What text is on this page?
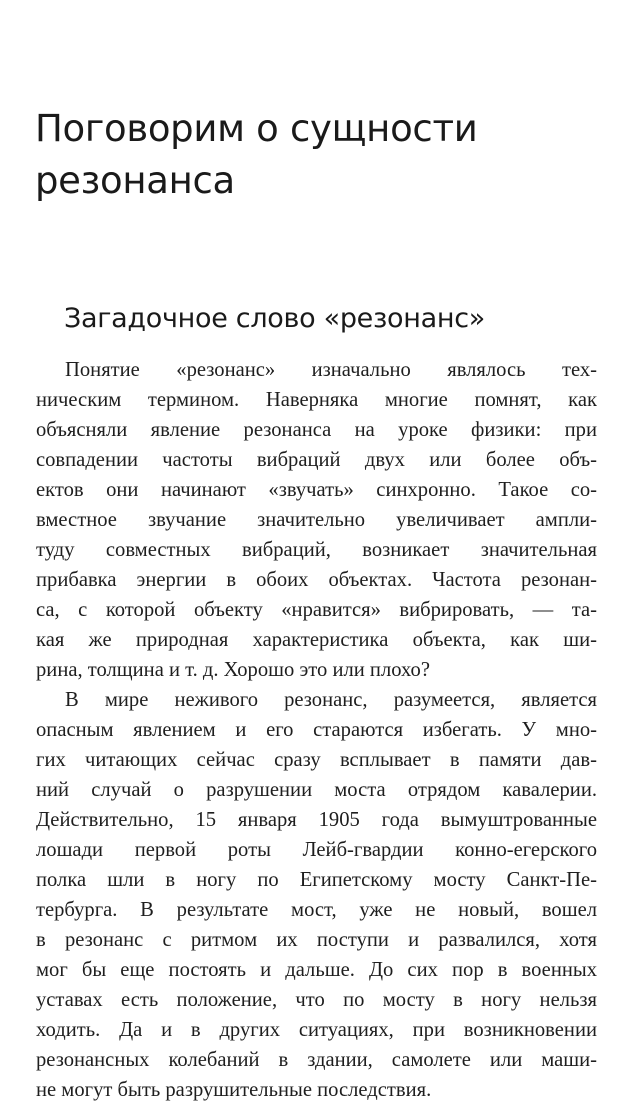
Поговорим о сущности
резонанса
Загадочное слово «резонанс»
Понятие «резонанс» изначально являлось тех-
ническим термином. Наверняка многие помнят, как
объясняли явление резонанса на уроке физики: при
совпадении частоты вибраций двух или более объ-
ектов они начинают «звучать» синхронно. Такое со-
вместное звучание значительно увеличивает ампли-
туду совместных вибраций, возникает значительная
прибавка энергии в обоих объектах. Частота резонан-
са, с которой объекту «нравится» вибрировать, — та-
кая же природная характеристика объекта, как ши-
рина, толщина и т. д. Хорошо это или плохо?
В мире неживого резонанс, разумеется, является
опасным явлением и его стараются избегать. У мно-
гих читающих сейчас сразу всплывает в памяти дав-
ний случай о разрушении моста отрядом кавалерии.
Действительно, 15 января 1905 года вымуштрованные
лошади первой роты Лейб-гвардии конно-егерского
полка шли в ногу по Египетскому мосту Санкт-Пе-
тербурга. В результате мост, уже не новый, вошел
в резонанс с ритмом их поступи и развалился, хотя
мог бы еще постоять и дальше. До сих пор в военных
уставах есть положение, что по мосту в ногу нельзя
ходить. Да и в других ситуациях, при возникновении
резонансных колебаний в здании, самолете или маши-
не могут быть разрушительные последствия.
